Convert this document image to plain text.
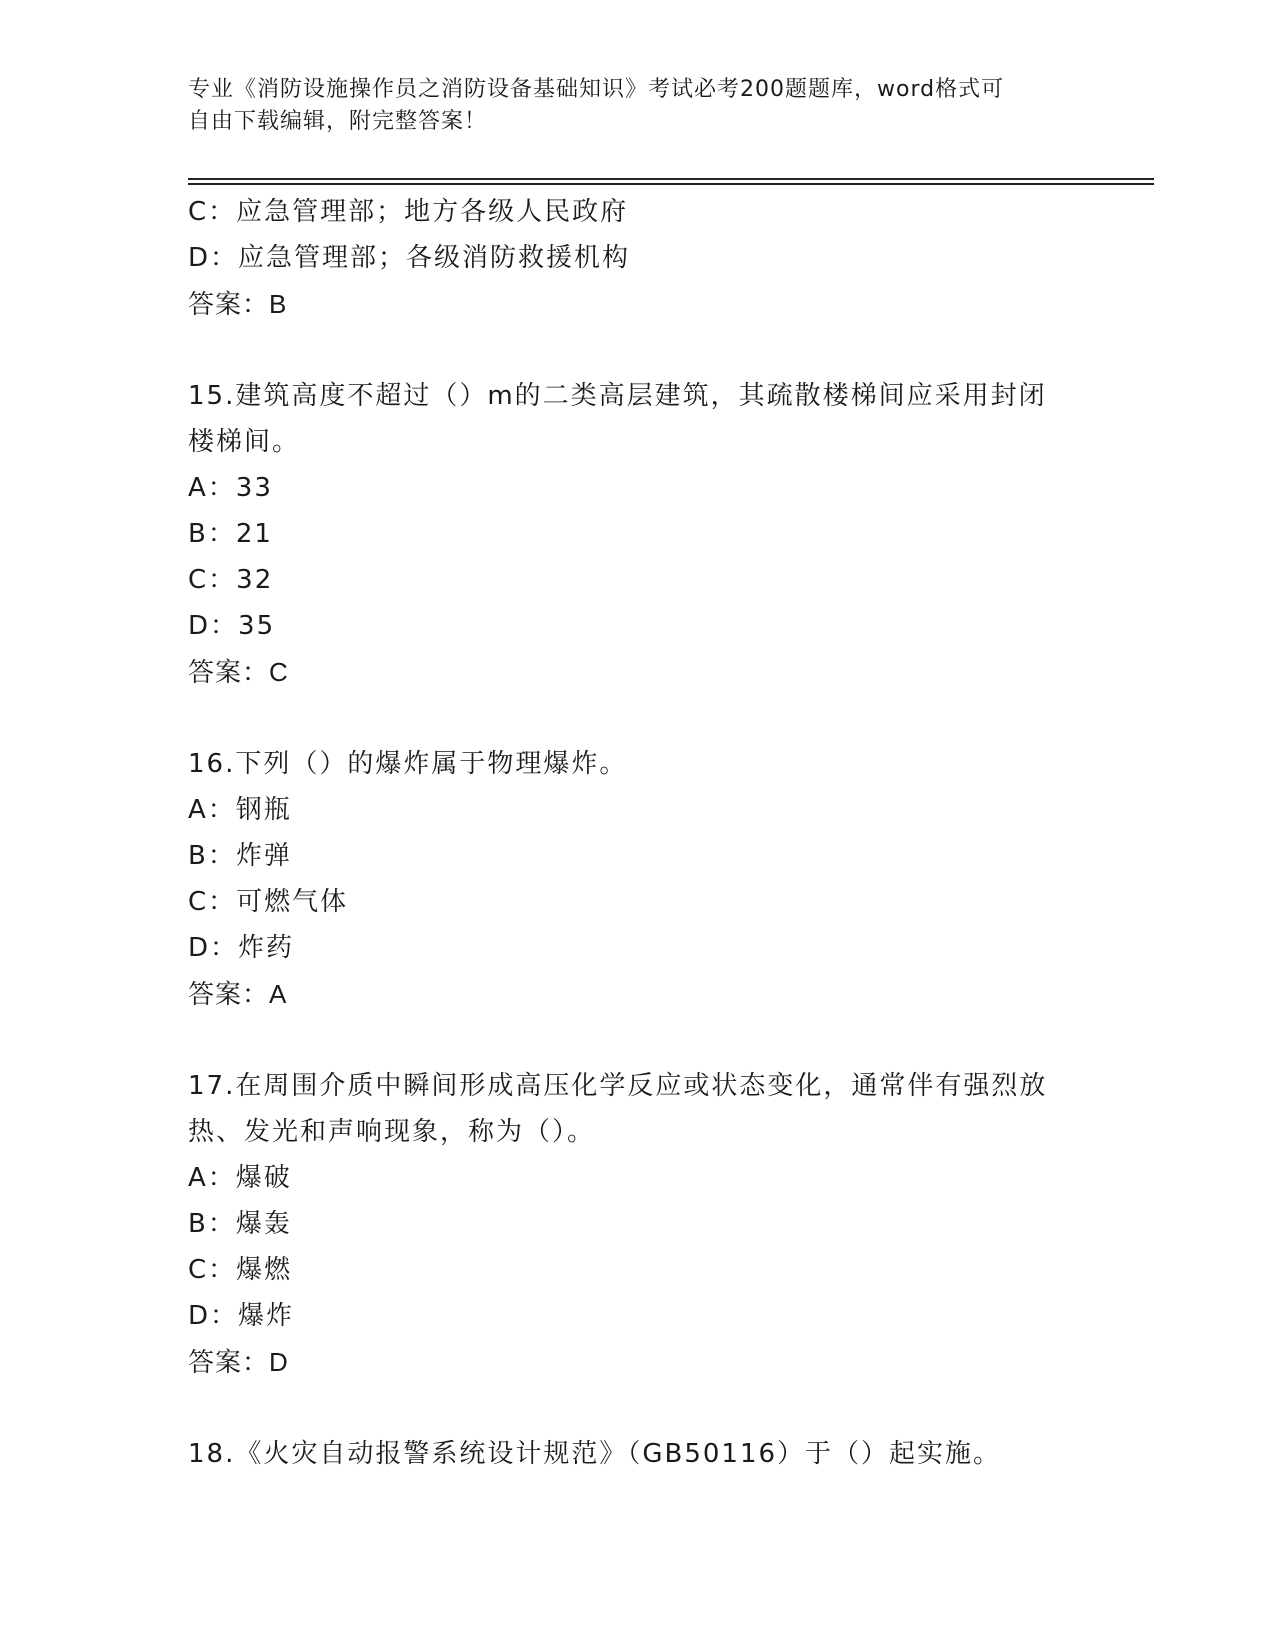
专业《消防设施操作员之消防设备基础知识》考试必考200题题库，word格式可
自由下载编辑，附完整答案！
C：应急管理部；地方各级人民政府
D：应急管理部；各级消防救援机构
答案：B
15.建筑高度不超过（）m的二类高层建筑，其疏散楼梯间应采用封闭
楼梯间。
A：33
B：21
C：32
D：35
答案：C
16.下列（）的爆炸属于物理爆炸。
A：钢瓶
B：炸弹
C：可燃气体
D：炸药
答案：A
17.在周围介质中瞬间形成高压化学反应或状态变化，通常伴有强烈放
热、发光和声响现象，称为（）。
A：爆破
B：爆轰
C：爆燃
D：爆炸
答案：D
18.《火灾自动报警系统设计规范》（GB50116）于（）起实施。
